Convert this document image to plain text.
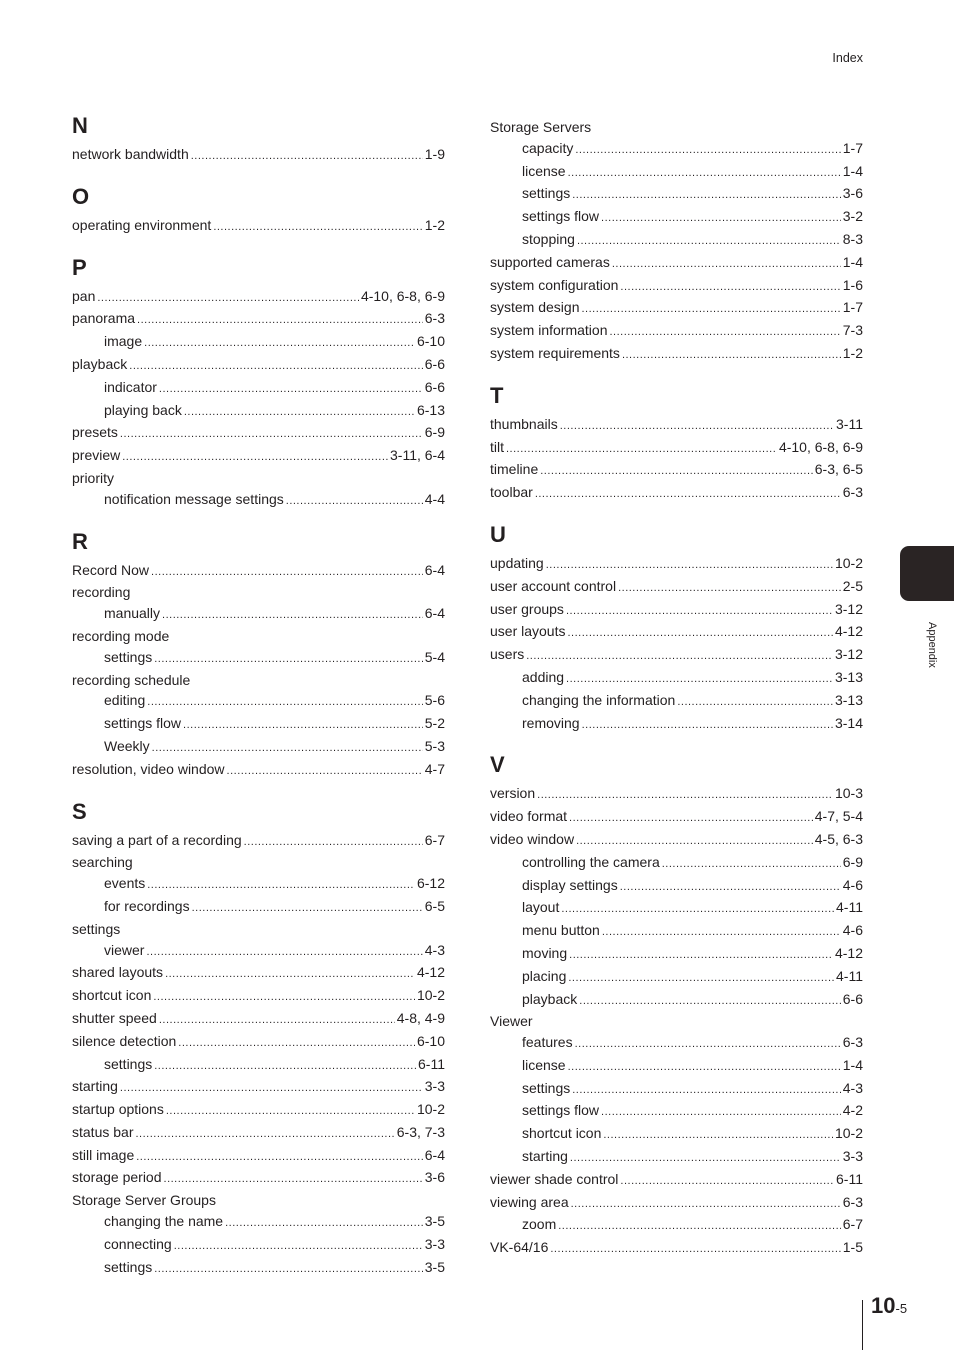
Index
N
network bandwidth .....	1-9
O
operating environment .....	1-2
P
pan .....	4-10, 6-8, 6-9
panorama .....	6-3
image .....	6-10
playback .....	6-6
indicator .....	6-6
playing back .....	6-13
presets .....	6-9
preview .....	3-11, 6-4
priority
notification message settings .....	4-4
R
Record Now .....	6-4
recording
manually .....	6-4
recording mode
settings .....	5-4
recording schedule
editing .....	5-6
settings flow .....	5-2
Weekly .....	5-3
resolution, video window .....	4-7
S
saving a part of a recording .....	6-7
searching
events .....	6-12
for recordings .....	6-5
settings
viewer .....	4-3
shared layouts .....	4-12
shortcut icon .....	10-2
shutter speed .....	4-8, 4-9
silence detection .....	6-10
settings .....	6-11
starting .....	3-3
startup options .....	10-2
status bar .....	6-3, 7-3
still image .....	6-4
storage period .....	3-6
Storage Server Groups
changing the name .....	3-5
connecting .....	3-3
settings .....	3-5
Storage Servers
capacity .....	1-7
license .....	1-4
settings .....	3-6
settings flow .....	3-2
stopping .....	8-3
supported cameras .....	1-4
system configuration .....	1-6
system design .....	1-7
system information .....	7-3
system requirements .....	1-2
T
thumbnails .....	3-11
tilt .....	4-10, 6-8, 6-9
timeline .....	6-3, 6-5
toolbar .....	6-3
U
updating .....	10-2
user account control .....	2-5
user groups .....	3-12
user layouts .....	4-12
users .....	3-12
adding .....	3-13
changing the information .....	3-13
removing .....	3-14
V
version .....	10-3
video format .....	4-7, 5-4
video window .....	4-5, 6-3
controlling the camera .....	6-9
display settings .....	4-6
layout .....	4-11
menu button .....	4-6
moving .....	4-12
placing .....	4-11
playback .....	6-6
Viewer
features .....	6-3
license .....	1-4
settings .....	4-3
settings flow .....	4-2
shortcut icon .....	10-2
starting .....	3-3
viewer shade control .....	6-11
viewing area .....	6-3
zoom .....	6-7
VK-64/16 .....	1-5
Appendix
10-5
